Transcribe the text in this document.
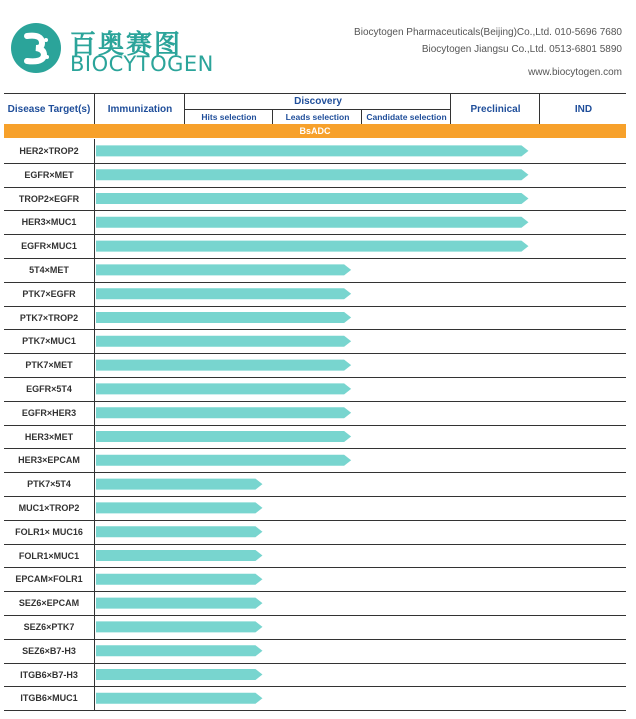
百奥赛图
BIOCYTOGEN
Biocytogen Pharmaceuticals(Beijing)Co.,Ltd. 010-5696 7680
Biocytogen Jiangsu Co.,Ltd. 0513-6801 5890
www.biocytogen.com
Disease Target(s)	Immunization
Discovery
Hits selection	Leads selection	Candidate selection
Preclinical	IND
BsADC
HER2×TROP2
EGFR×MET
TROP2×EGFR
HER3×MUC1
EGFR×MUC1
5T4×MET
PTK7×EGFR
PTK7×TROP2
PTK7×MUC1
PTK7×MET
EGFR×5T4
EGFR×HER3
HER3×MET
HER3×EPCAM
PTK7×5T4
MUC1×TROP2
FOLR1× MUC16
FOLR1×MUC1
EPCAM×FOLR1
SEZ6×EPCAM
SEZ6×PTK7
SEZ6×B7-H3
ITGB6×B7-H3
ITGB6×MUC1
